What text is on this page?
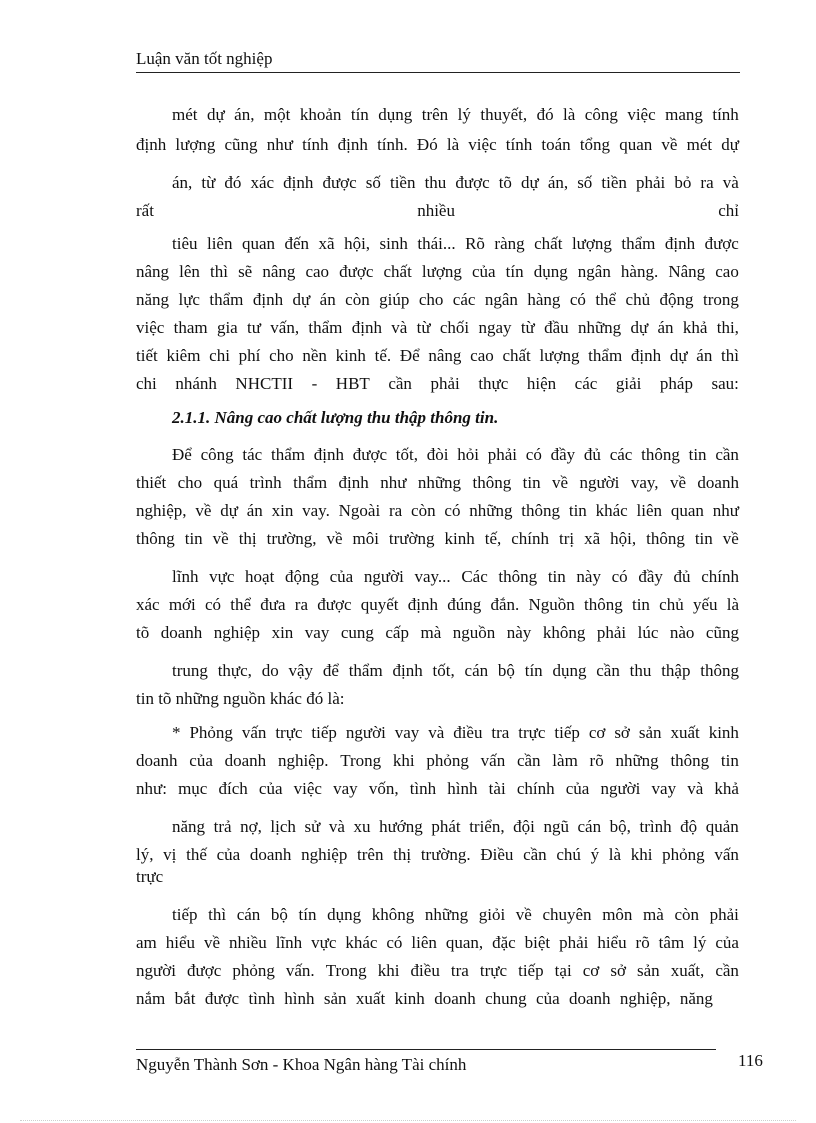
Luận văn tốt nghiệp
mét dự án, một khoản tín dụng trên lý thuyết, đó là công việc mang tính
định lượng cũng như tính định tính. Đó là việc tính toán tổng quan về mét dự
án, từ đó xác định được số tiền thu được tõ dự án, số tiền phải bỏ ra và
rất	nhiều	chỉ
tiêu liên quan đến xã hội, sinh thái... Rõ ràng chất lượng thẩm định được
nâng lên thì sẽ nâng cao được chất lượng của tín dụng ngân hàng. Nâng cao
năng lực thẩm định dự án còn giúp cho các ngân hàng có thể chủ động trong
việc tham gia tư vấn, thẩm định và từ chối ngay từ đầu những dự án khả thi,
tiết kiêm chi phí cho nền kinh tế. Để nâng cao chất lượng thẩm định dự án thì
chi nhánh NHCTII - HBT cần phải thực hiện các giải pháp sau:
2.1.1. Nâng cao chất lượng thu thập thông tin.
Để công tác thẩm định được tốt, đòi hỏi phải có đầy đủ các thông tin cần
thiết cho quá trình thẩm định như những thông tin về người vay, về doanh
nghiệp, về dự án xin vay. Ngoài ra còn có những thông tin khác liên quan như
thông tin về thị trường, về môi trường kinh tế, chính trị xã hội, thông tin về
lĩnh vực hoạt động của người vay... Các thông tin này có đầy đủ chính
xác mới có thể đưa ra được quyết định đúng đắn. Nguồn thông tin chủ yếu là
tõ doanh nghiệp xin vay cung cấp mà nguồn này không phải lúc nào cũng
trung thực, do vậy để thẩm định tốt, cán bộ tín dụng cần thu thập thông
tin tõ những nguồn khác đó là:
* Phỏng vấn trực tiếp người vay và điều tra trực tiếp cơ sở sản xuất kinh
doanh của doanh nghiệp. Trong khi phỏng vấn cần làm rõ những thông tin
như: mục đích của việc vay vốn, tình hình tài chính của người vay và khả
năng trả nợ, lịch sử và xu hướng phát triển, đội ngũ cán bộ, trình độ quản
lý, vị thế của doanh nghiệp trên thị trường. Điều cần chú ý là khi phỏng vấn
trực
tiếp thì cán bộ tín dụng không những giỏi về chuyên môn mà còn phải
am hiểu về nhiều lĩnh vực khác có liên quan, đặc biệt phải hiểu rõ tâm lý của
người được phỏng vấn. Trong khi điều tra trực tiếp tại cơ sở sản xuất, cần
nắm bắt được tình hình sản xuất kinh doanh chung của doanh nghiệp, năng
Nguyễn Thành Sơn - Khoa Ngân hàng Tài chính	116
